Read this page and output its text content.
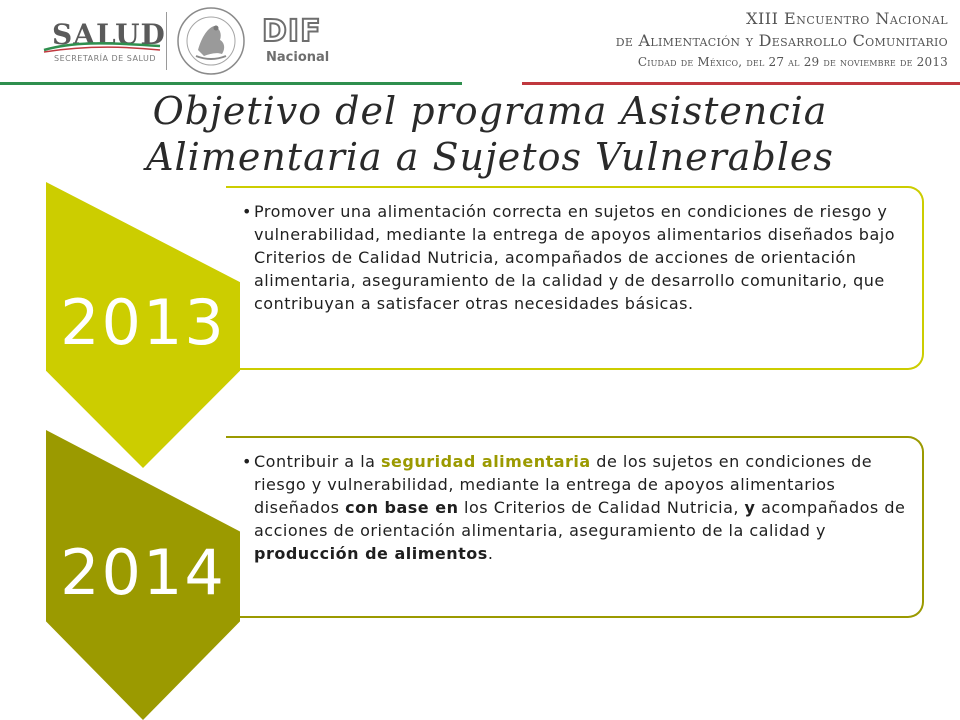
SALUD
SECRETARÍA DE SALUD
DIF
Nacional
XIII Encuentro Nacional
de Alimentación y Desarrollo Comunitario
Ciudad de México, del 27 al 29 de noviembre de 2013
Objetivo del programa Asistencia
Alimentaria a Sujetos Vulnerables
• Promover una alimentación correcta en sujetos en condiciones de riesgo y vulnerabilidad, mediante la entrega de apoyos alimentarios diseñados bajo Criterios de Calidad Nutricia, acompañados de acciones de orientación alimentaria, aseguramiento de la calidad y de desarrollo comunitario, que contribuyan a satisfacer otras necesidades básicas.
2013
• Contribuir a la seguridad alimentaria de los sujetos en condiciones de riesgo y vulnerabilidad, mediante la entrega de apoyos alimentarios diseñados con base en los Criterios de Calidad Nutricia, y acompañados de acciones de orientación alimentaria, aseguramiento de la calidad y producción de alimentos.
2014
